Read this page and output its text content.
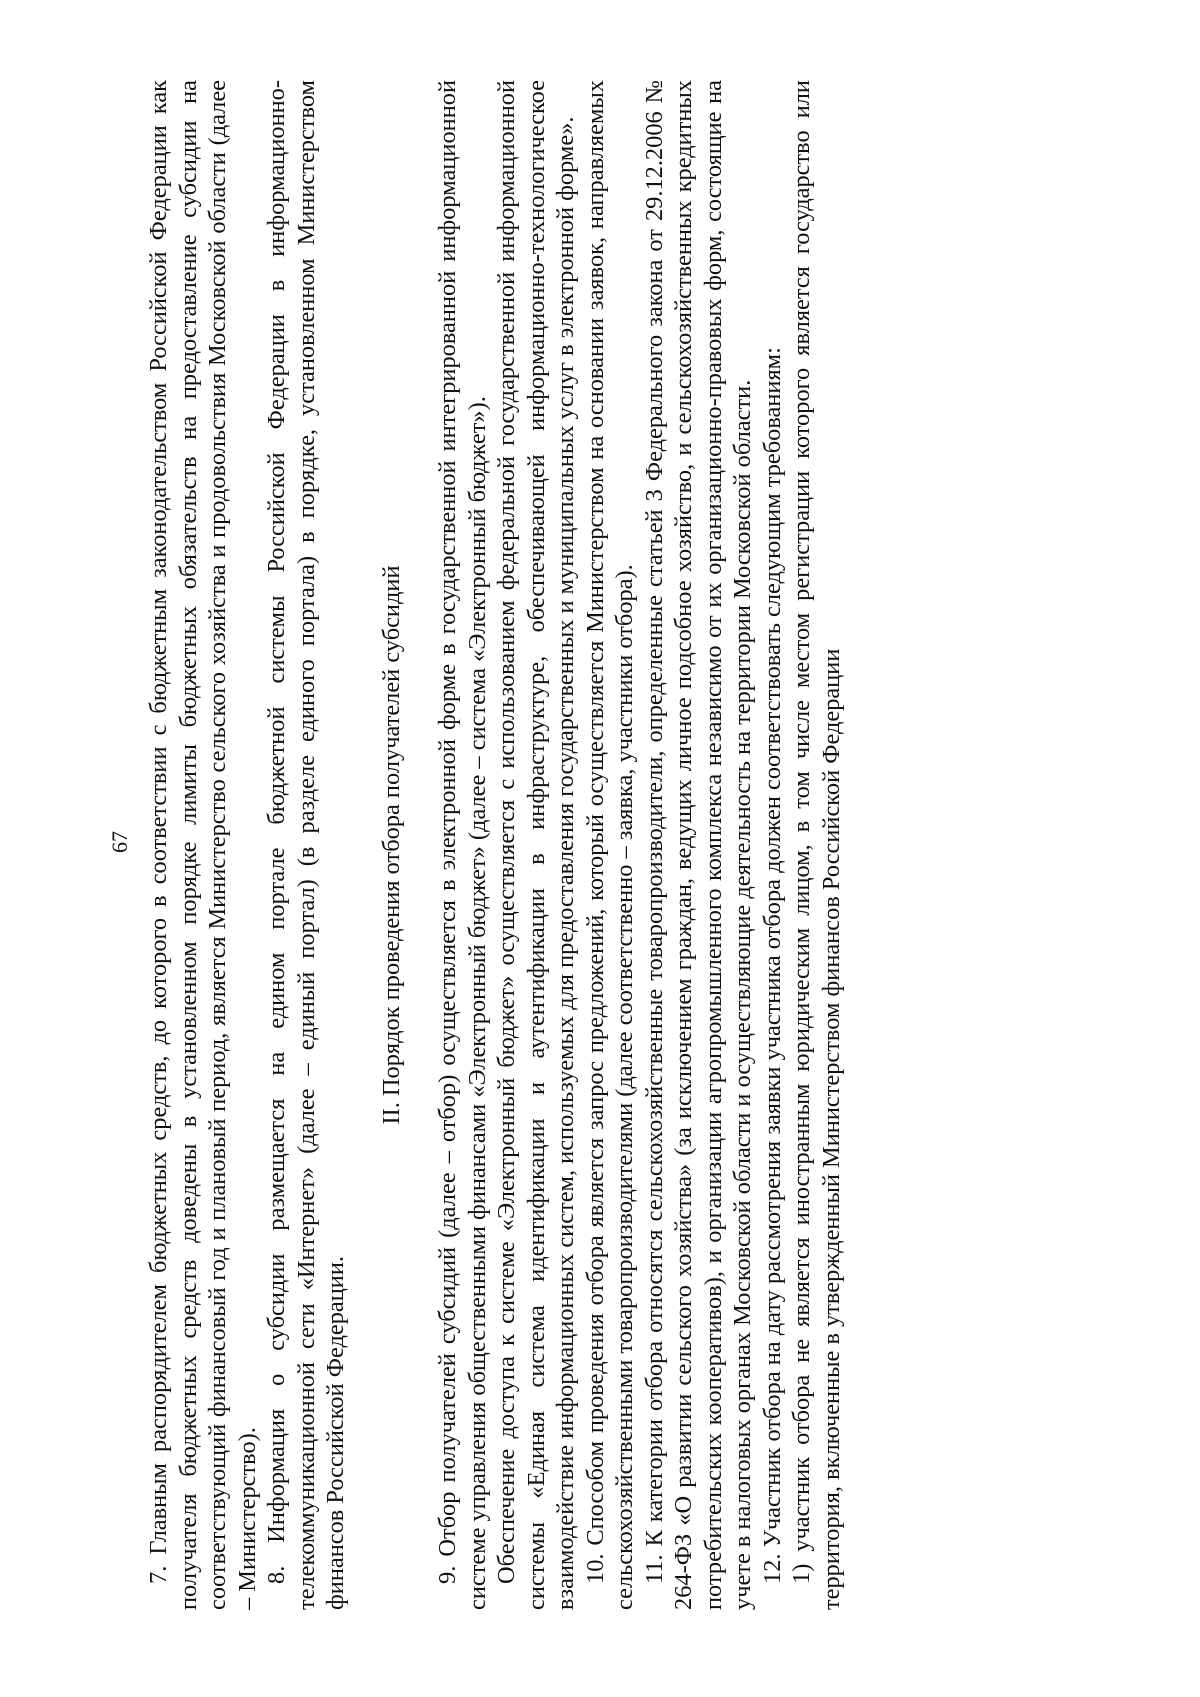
67 7. Главным распорядителем бюджетных средств, до которого в соответствии с бюджетным законодательством Российской Федерации как получателя бюджетных средств доведены в установленном порядке лимиты бюджетных обязательств на предоставление субсидии на соответствующий финансовый год и плановый период, является Министерство сельского хозяйства и продовольствия Московской области (далее – Министерство). 8. Информация о субсидии размещается на едином портале бюджетной системы Российской Федерации в информационно-телекоммуникационной сети «Интернет» (далее – единый портал) (в разделе единого портала) в порядке, установленном Министерством финансов Российской Федерации.

II. Порядок проведения отбора получателей субсидий 9. Отбор получателей субсидий (далее – отбор) осуществляется в электронной форме в государственной интегрированной информационной системе управления общественными финансами «Электронный бюджет» (далее – система «Электронный бюджет»). Обеспечение доступа к системе «Электронный бюджет» осуществляется с использованием федеральной государственной информационной системы «Единая система идентификации и аутентификации в инфраструктуре, обеспечивающей информационно-технологическое взаимодействие информационных систем, используемых для предоставления государственных и муниципальных услуг в электронной форме». 10. Способом проведения отбора является запрос предложений, который осуществляется Министерством на основании заявок, направляемых сельскохозяйственными товаропроизводителями (далее соответственно – заявка, участники отбора). 11. К категории отбора относятся сельскохозяйственные товаропроизводители, определенные статьей 3 Федерального закона от 29.12.2006 № 264-ФЗ «О развитии сельского хозяйства» (за исключением граждан, ведущих личное подсобное хозяйство, и сельскохозяйственных кредитных потребительских кооперативов), и организации агропромышленного комплекса независимо от их организационно-правовых форм, состоящие на учете в налоговых органах Московской области и осуществляющие деятельность на территории Московской области. 12. Участник отбора на дату рассмотрения заявки участника отбора должен соответствовать следующим требованиям: 1) участник отбора не является иностранным юридическим лицом, в том числе местом регистрации которого является государство или территория, включенные в утвержденный Министерством финансов Российской Федерации
